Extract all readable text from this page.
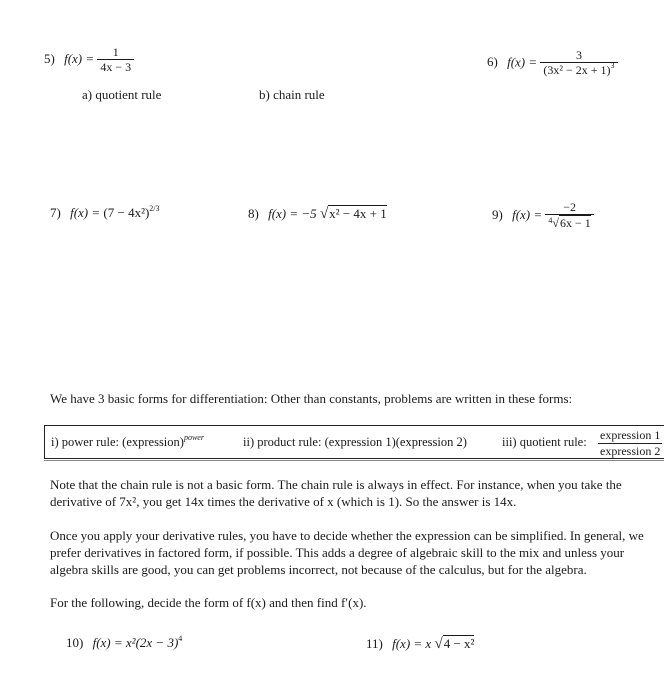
5) $f(x) = \frac{1}{4x - 3}$
a) quotient rule	b) chain rule
6) $f(x) = \frac{3}{(3x^2 - 2x + 1)^3}$
7) $f(x) = (7 - 4x^2)^{2/3}$	8) f(x) = −5 √x² − 4x + 1	9) $f(x) = \frac{-2}{^4√6x - 1}$
We have 3 basic forms for differentiation: Other than constants, problems are written in these forms:
i) power rule: (expression)$^{power}$	ii) product rule: (expression 1)(expression 2)	iii) quotient rule: expression 1
expression 2
Note that the chain rule is not a basic form. The chain rule is always in effect. For instance, when you take the derivative of 7x², you get 14x times the derivative of x (which is 1). So the answer is 14x.
Once you apply your derivative rules, you have to decide whether the expression can be simplified. In general, we prefer derivatives in factored form, if possible. This adds a degree of algebraic skill to the mix and unless your algebra skills are good, you can get problems incorrect, not because of the calculus, but for the algebra.
For the following, decide the form of f(x) and then find f′(x).
10) $f(x) = x^2(2x - 3)^4$	11) f(x) = x √4 − x²
